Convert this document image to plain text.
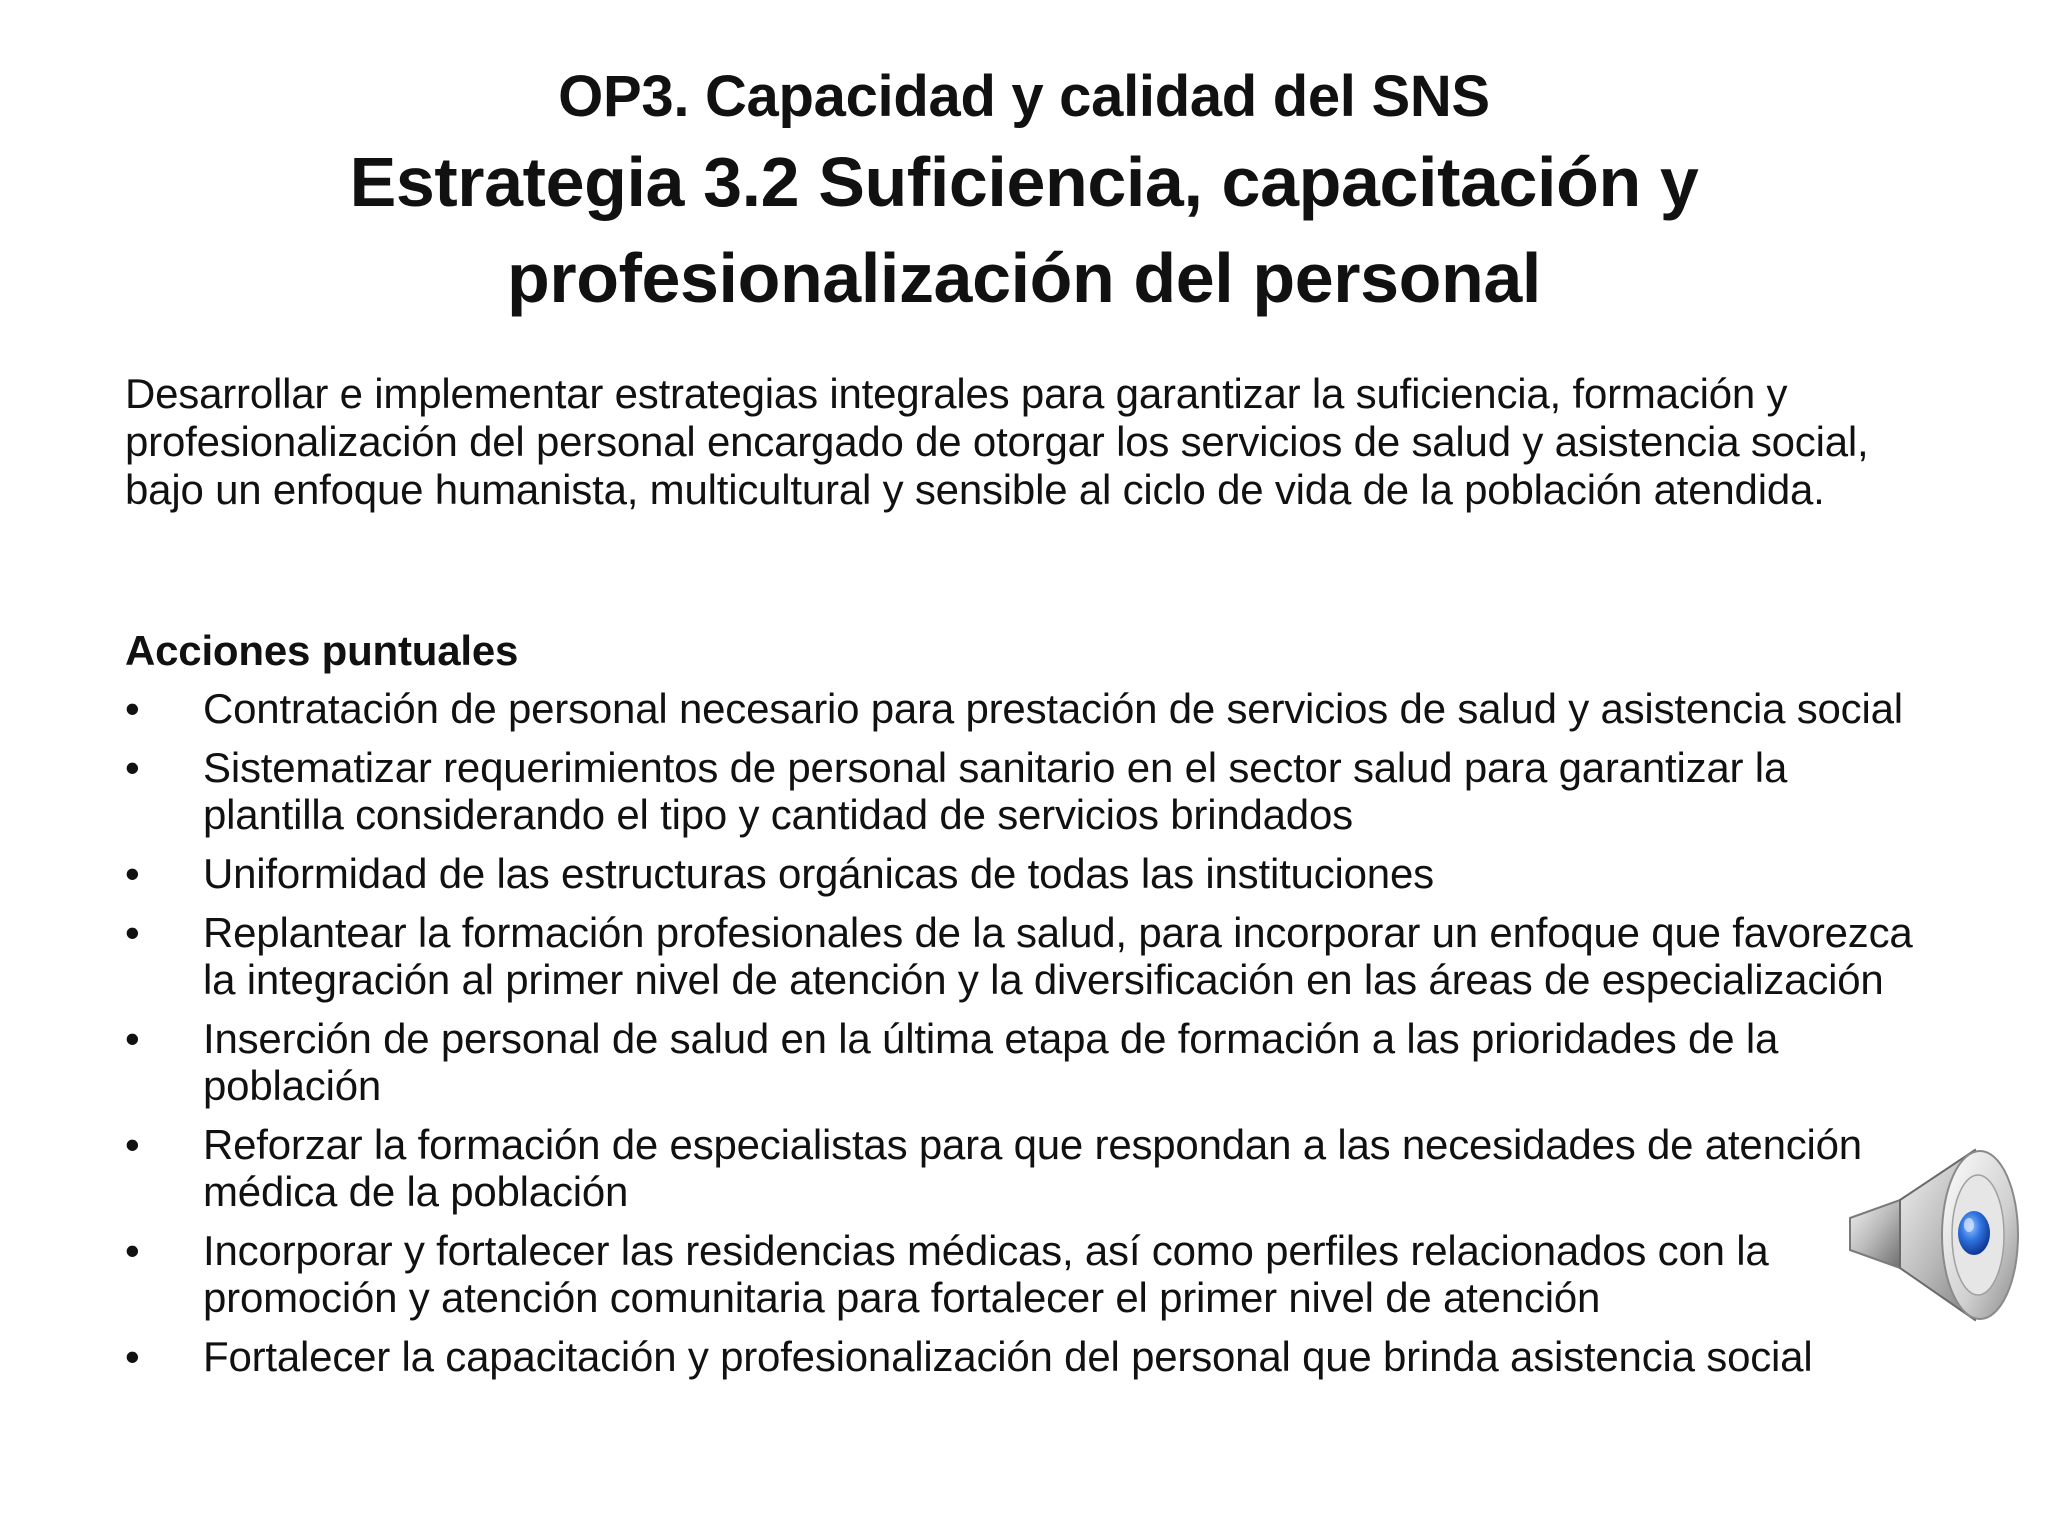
OP3. Capacidad y calidad del SNS
Estrategia 3.2 Suficiencia, capacitación y
profesionalización del personal
Desarrollar e implementar estrategias integrales para garantizar la suficiencia, formación y profesionalización del personal encargado de otorgar los servicios de salud y asistencia social, bajo un enfoque humanista, multicultural y sensible al ciclo de vida de la población atendida.
Acciones puntuales
•	Contratación de personal necesario para prestación de servicios de salud y asistencia social
•	Sistematizar requerimientos de personal sanitario en el sector salud para garantizar la plantilla considerando el tipo y cantidad de servicios brindados
•	Uniformidad de las estructuras orgánicas de todas las instituciones
•	Replantear la formación profesionales de la salud, para incorporar un enfoque que favorezca la integración al primer nivel de atención y la diversificación en las áreas de especialización
•	Inserción de personal de salud en la última etapa de formación a las prioridades de la población
•	Reforzar la formación de especialistas para que respondan a las necesidades de atención médica de la población
•	Incorporar y fortalecer las residencias médicas, así como perfiles relacionados con la promoción y atención comunitaria para fortalecer el primer nivel de atención
•	Fortalecer la capacitación y profesionalización del personal que brinda asistencia social
